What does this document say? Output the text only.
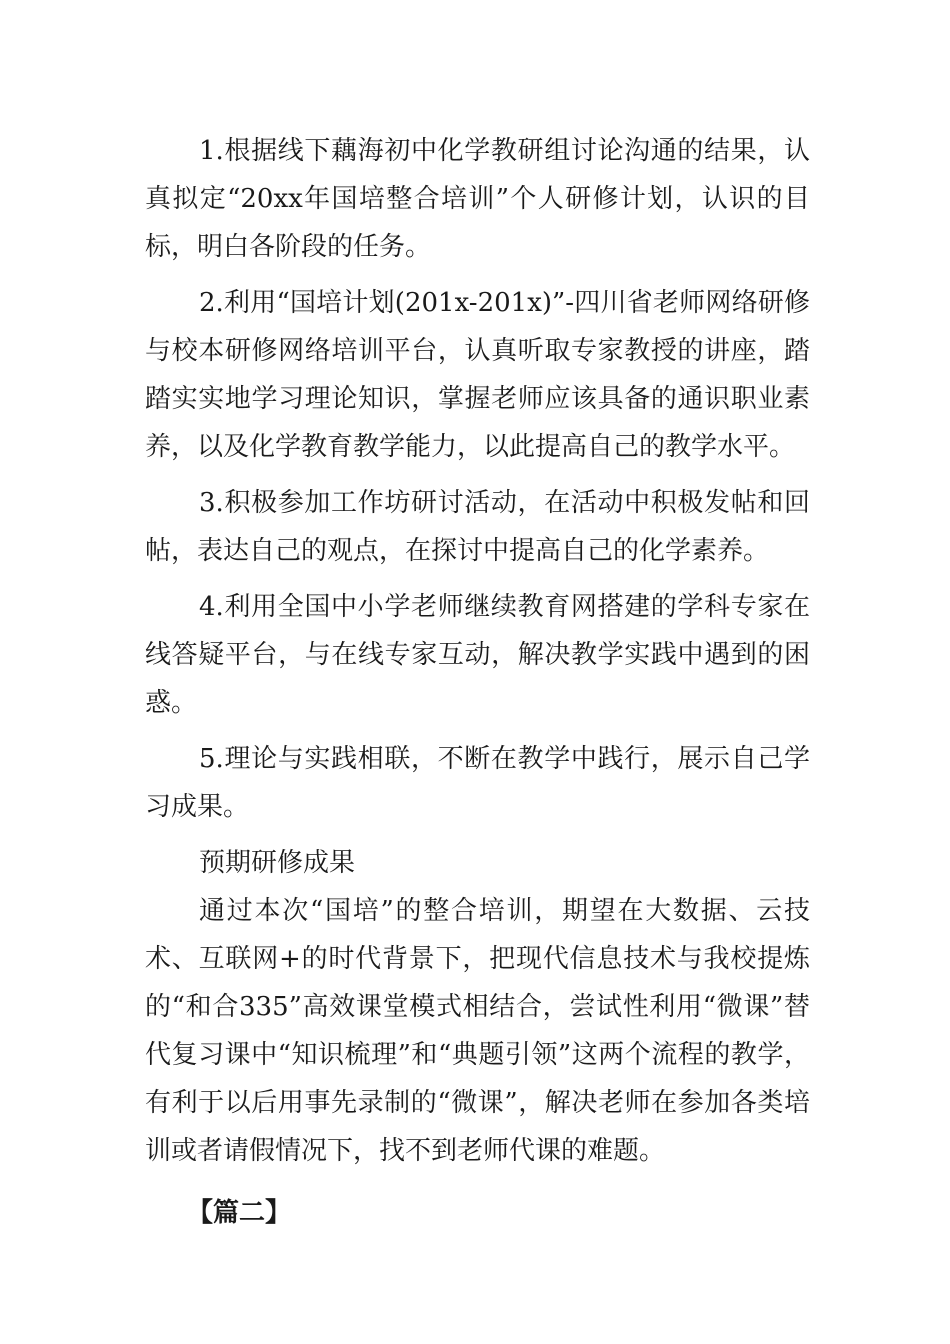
1.根据线下藕海初中化学教研组讨论沟通的结果，认真拟定“20xx年国培整合培训”个人研修计划，认识的目标，明白各阶段的任务。

2.利用“国培计划(201x-201x)”-四川省老师网络研修与校本研修网络培训平台，认真听取专家教授的讲座，踏踏实实地学习理论知识，掌握老师应该具备的通识职业素养，以及化学教育教学能力，以此提高自己的教学水平。

3.积极参加工作坊研讨活动，在活动中积极发帖和回帖，表达自己的观点，在探讨中提高自己的化学素养。

4.利用全国中小学老师继续教育网搭建的学科专家在线答疑平台，与在线专家互动，解决教学实践中遇到的困惑。

5.理论与实践相联，不断在教学中践行，展示自己学习成果。

预期研修成果

通过本次“国培”的整合培训，期望在大数据、云技术、互联网+的时代背景下，把现代信息技术与我校提炼的“和合335”高效课堂模式相结合，尝试性利用“微课”替代复习课中“知识梳理”和“典题引领”这两个流程的教学，有利于以后用事先录制的“微课”，解决老师在参加各类培训或者请假情况下，找不到老师代课的难题。

【篇二】
